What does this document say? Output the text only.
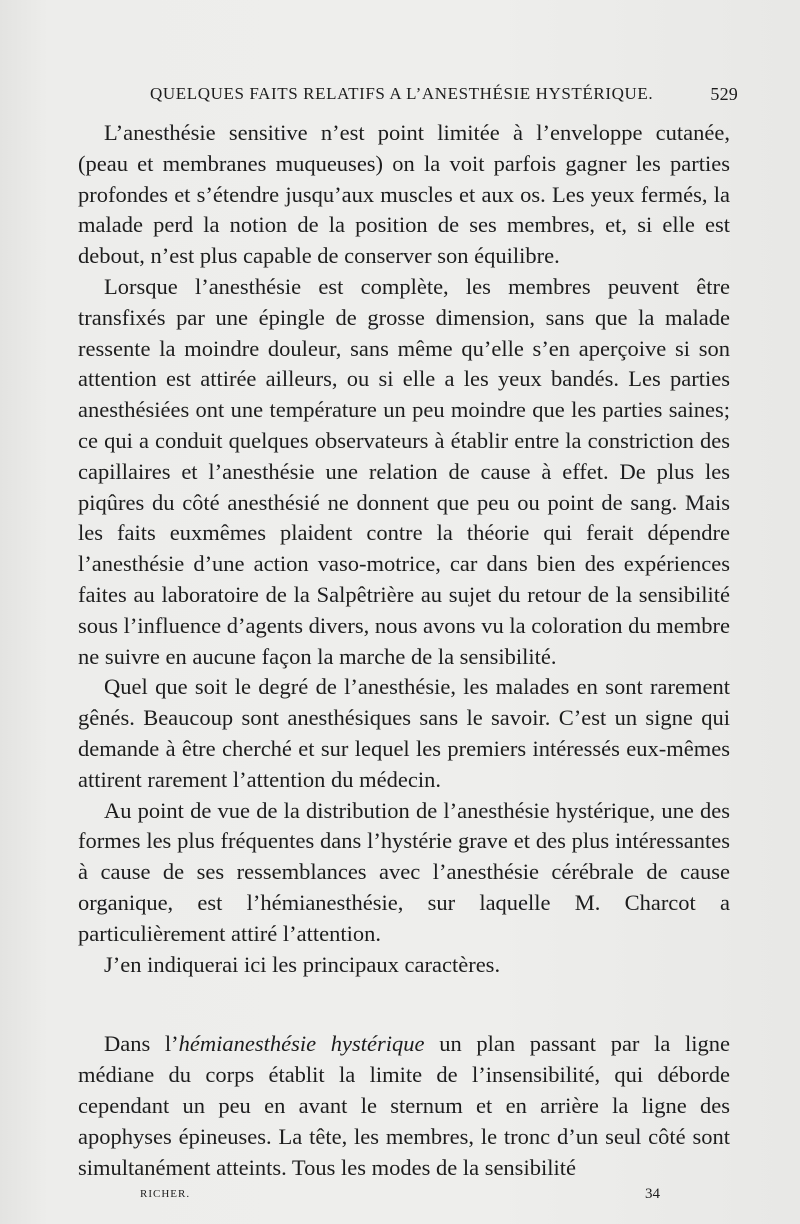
QUELQUES FAITS RELATIFS A L’ANESTHÉSIE HYSTÉRIQUE.	529

L’anesthésie sensitive n’est point limitée à l’enveloppe cutanée, (peau et membranes muqueuses) on la voit parfois gagner les parties profondes et s’étendre jusqu’aux muscles et aux os. Les yeux fermés, la malade perd la notion de la position de ses membres, et, si elle est debout, n’est plus capable de conserver son équilibre.

Lorsque l’anesthésie est complète, les membres peuvent être transfixés par une épingle de grosse dimension, sans que la malade ressente la moindre douleur, sans même qu’elle s’en aperçoive si son attention est attirée ailleurs, ou si elle a les yeux bandés. Les parties anesthésiées ont une température un peu moindre que les parties saines; ce qui a conduit quelques observateurs à établir entre la constriction des capillaires et l’anesthésie une relation de cause à effet. De plus les piqûres du côté anesthésié ne donnent que peu ou point de sang. Mais les faits euxmêmes plaident contre la théorie qui ferait dépendre l’anesthésie d’une action vaso-motrice, car dans bien des expériences faites au laboratoire de la Salpêtrière au sujet du retour de la sensibilité sous l’influence d’agents divers, nous avons vu la coloration du membre ne suivre en aucune façon la marche de la sensibilité.

Quel que soit le degré de l’anesthésie, les malades en sont rarement gênés. Beaucoup sont anesthésiques sans le savoir. C’est un signe qui demande à être cherché et sur lequel les premiers intéressés eux-mêmes attirent rarement l’attention du médecin.

Au point de vue de la distribution de l’anesthésie hystérique, une des formes les plus fréquentes dans l’hystérie grave et des plus intéressantes à cause de ses ressemblances avec l’anesthésie cérébrale de cause organique, est l’hémianesthésie, sur laquelle M. Charcot a particulièrement attiré l’attention.

J’en indiquerai ici les principaux caractères.

Dans l’hémianesthésie hystérique un plan passant par la ligne médiane du corps établit la limite de l’insensibilité, qui déborde cependant un peu en avant le sternum et en arrière la ligne des apophyses épineuses. La tête, les membres, le tronc d’un seul côté sont simultanément atteints. Tous les modes de la sensibilité

RICHER.	34
